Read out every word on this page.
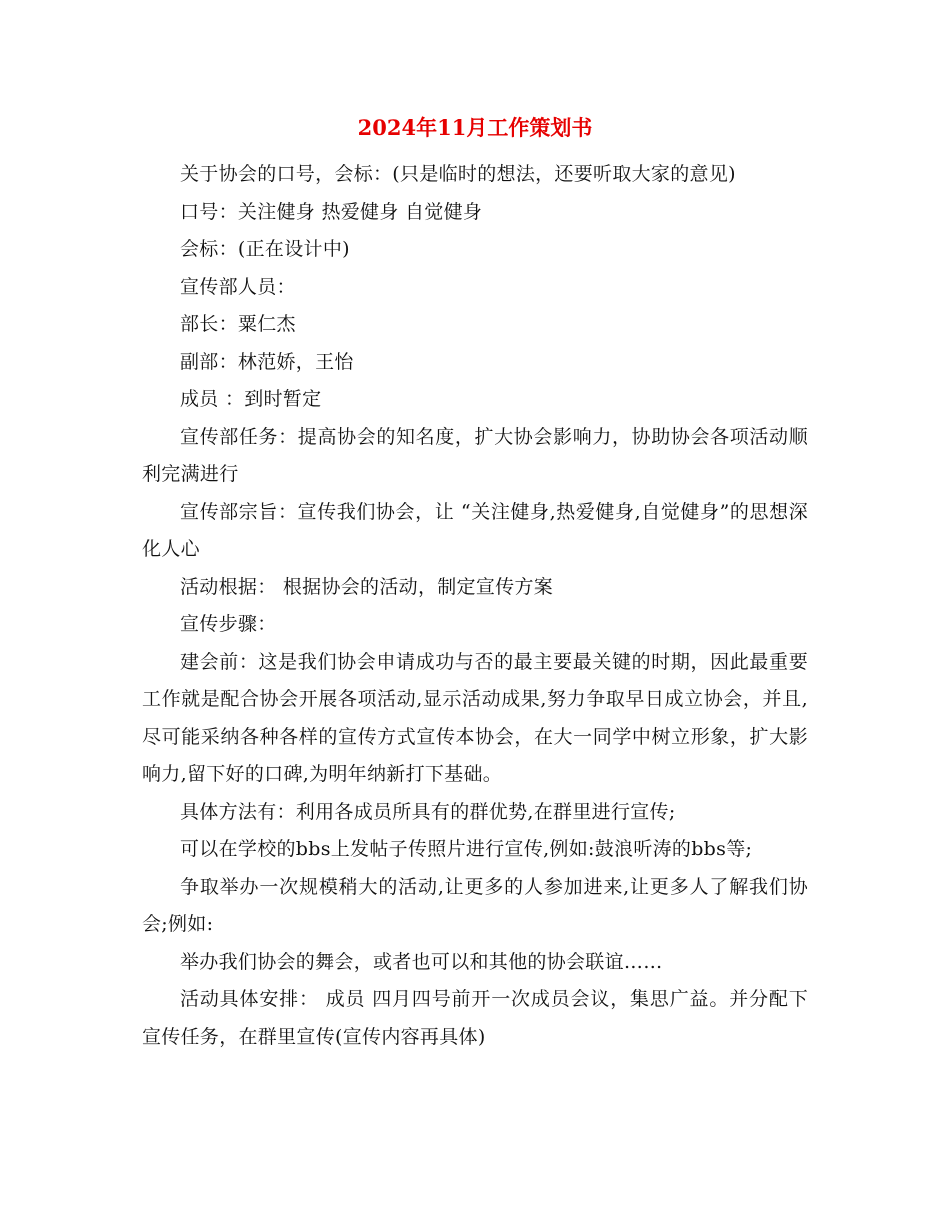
2024年11月工作策划书

关于协会的口号，会标：(只是临时的想法，还要听取大家的意见)

口号：关注健身 热爱健身 自觉健身

会标：(正在设计中)

宣传部人员：

部长：粟仁杰

副部：林范娇，王怡

成员 ：到时暂定

宣传部任务：提高协会的知名度，扩大协会影响力，协助协会各项活动顺利完满进行

宣传部宗旨：宣传我们协会，让 “关注健身,热爱健身,自觉健身”的思想深化人心

活动根据： 根据协会的活动，制定宣传方案

宣传步骤：

建会前：这是我们协会申请成功与否的最主要最关键的时期，因此最重要工作就是配合协会开展各项活动,显示活动成果,努力争取早日成立协会，并且,尽可能采纳各种各样的宣传方式宣传本协会，在大一同学中树立形象，扩大影响力,留下好的口碑,为明年纳新打下基础。

具体方法有：利用各成员所具有的群优势,在群里进行宣传;

可以在学校的bbs上发帖子传照片进行宣传,例如:鼓浪听涛的bbs等;

争取举办一次规模稍大的活动,让更多的人参加进来,让更多人了解我们协会;例如:

举办我们协会的舞会，或者也可以和其他的协会联谊……

活动具体安排： 成员 四月四号前开一次成员会议，集思广益。并分配下宣传任务，在群里宣传(宣传内容再具体)
